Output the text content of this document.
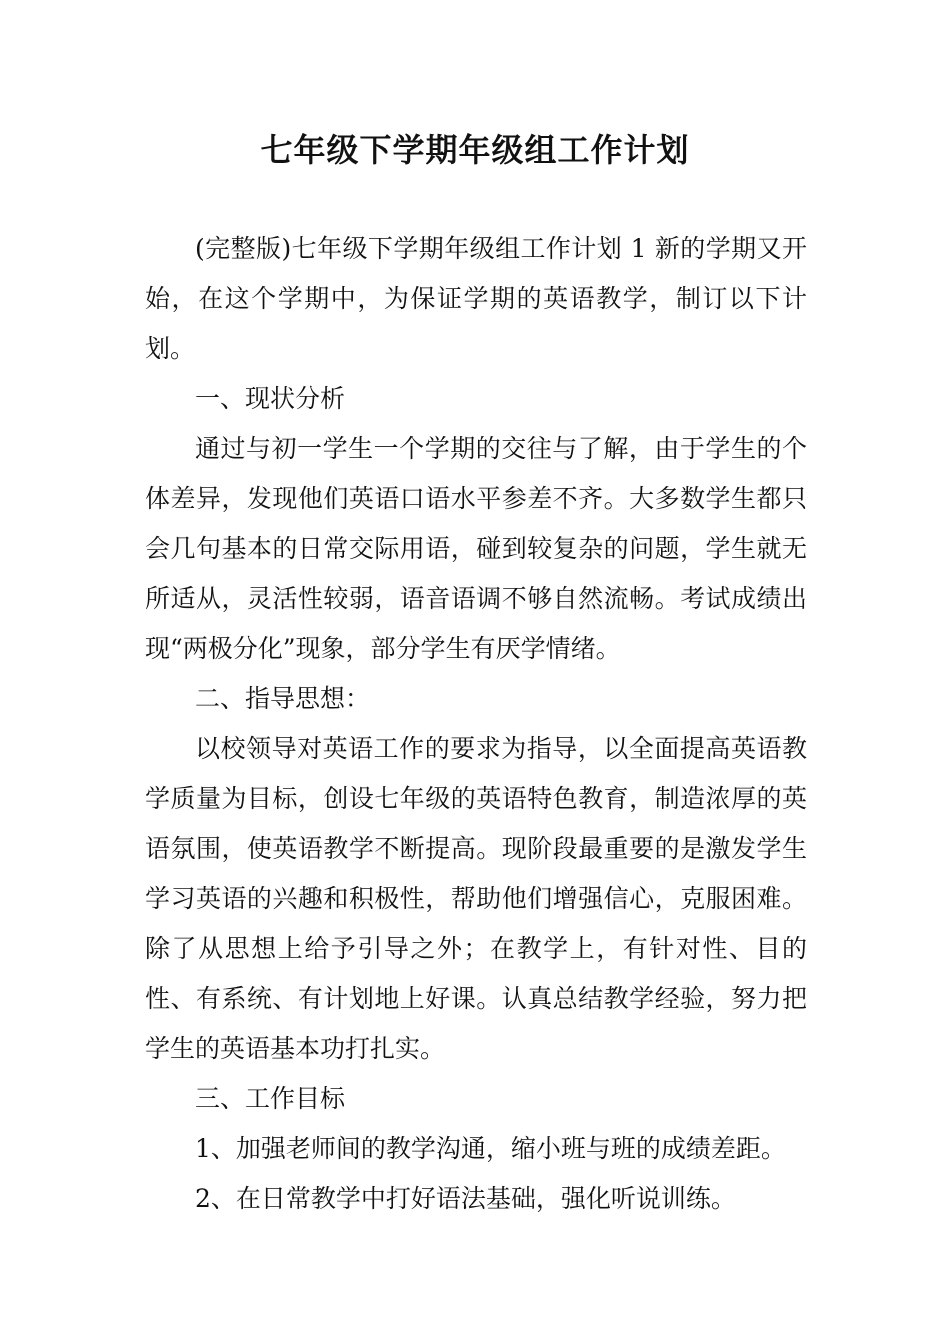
七年级下学期年级组工作计划

(完整版)七年级下学期年级组工作计划 1 新的学期又开始，在这个学期中，为保证学期的英语教学，制订以下计划。

一、现状分析

通过与初一学生一个学期的交往与了解，由于学生的个体差异，发现他们英语口语水平参差不齐。大多数学生都只会几句基本的日常交际用语，碰到较复杂的问题，学生就无所适从，灵活性较弱，语音语调不够自然流畅。考试成绩出现“两极分化”现象，部分学生有厌学情绪。

二、指导思想：

以校领导对英语工作的要求为指导，以全面提高英语教学质量为目标，创设七年级的英语特色教育，制造浓厚的英语氛围，使英语教学不断提高。现阶段最重要的是激发学生学习英语的兴趣和积极性，帮助他们增强信心，克服困难。除了从思想上给予引导之外；在教学上，有针对性、目的性、有系统、有计划地上好课。认真总结教学经验，努力把学生的英语基本功打扎实。

三、工作目标

1、加强老师间的教学沟通，缩小班与班的成绩差距。

2、在日常教学中打好语法基础，强化听说训练。
